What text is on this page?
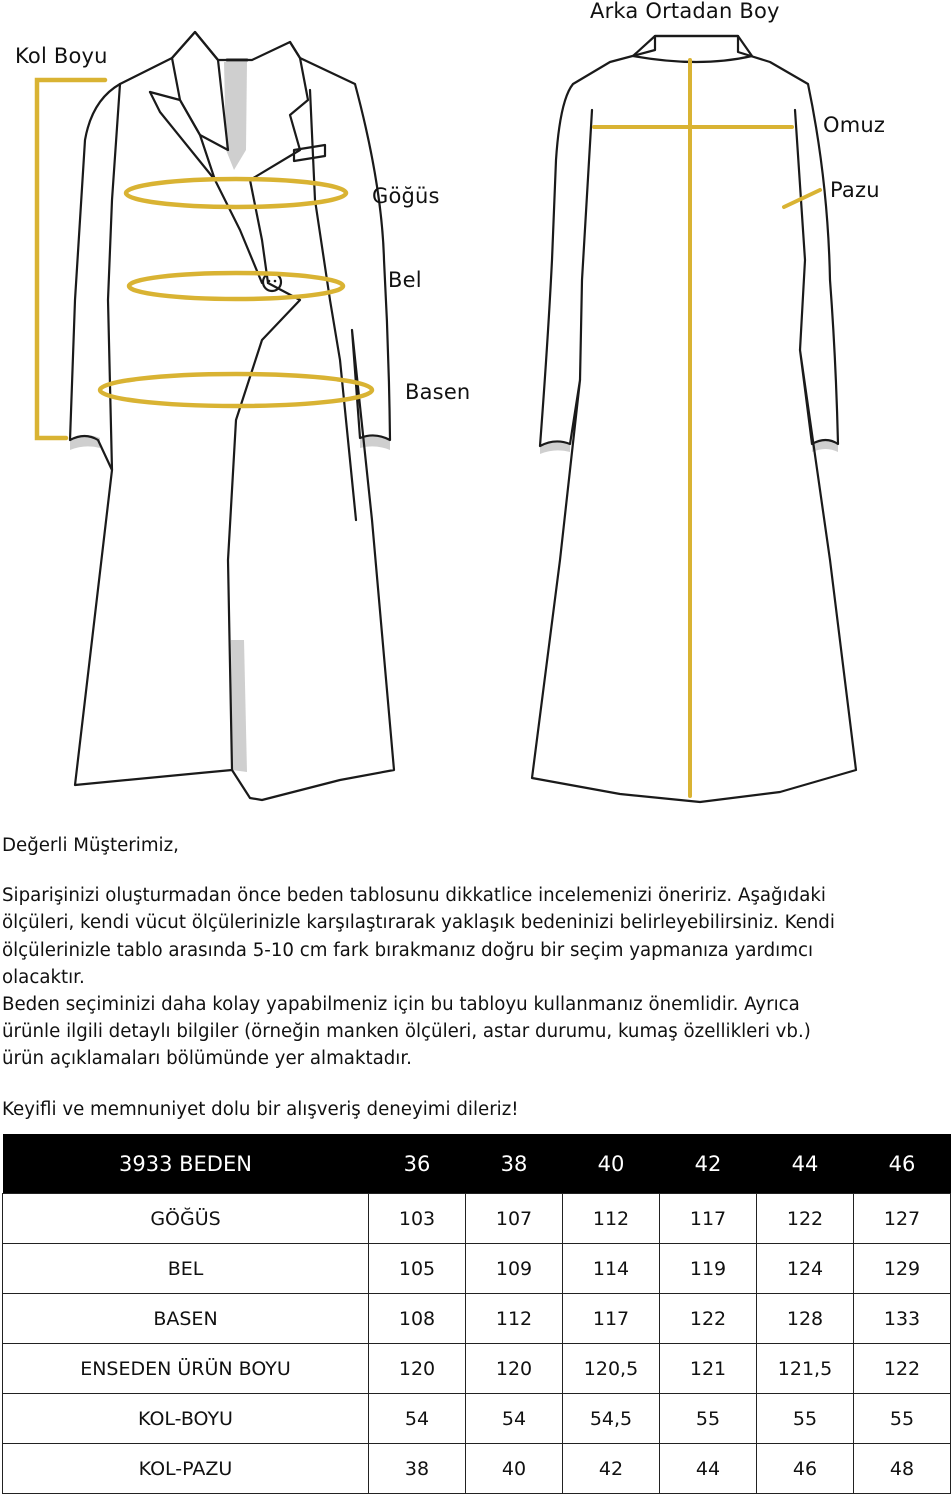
Kol Boyu
Göğüs
Bel
Basen
Arka Ortadan Boy
Omuz
Pazu

Değerli Müşterimiz,

Siparişinizi oluşturmadan önce beden tablosunu dikkatlice incelemenizi öneririz. Aşağıdaki

ölçüleri, kendi vücut ölçülerinizle karşılaştırarak yaklaşık bedeninizi belirleyebilirsiniz. Kendi

ölçülerinizle tablo arasında 5-10 cm fark bırakmanız doğru bir seçim yapmanıza yardımcı

olacaktır.

Beden seçiminizi daha kolay yapabilmeniz için bu tabloyu kullanmanız önemlidir. Ayrıca

ürünle ilgili detaylı bilgiler (örneğin manken ölçüleri, astar durumu, kumaş özellikleri vb.)

ürün açıklamaları bölümünde yer almaktadır.

Keyifli ve memnuniyet dolu bir alışveriş deneyimi dileriz!

3933 BEDEN	36	38	40	42	44	46
GÖĞÜS	103	107	112	117	122	127
BEL	105	109	114	119	124	129
BASEN	108	112	117	122	128	133
ENSEDEN ÜRÜN BOYU	120	120	120,5	121	121,5	122
KOL-BOYU	54	54	54,5	55	55	55
KOL-PAZU	38	40	42	44	46	48
